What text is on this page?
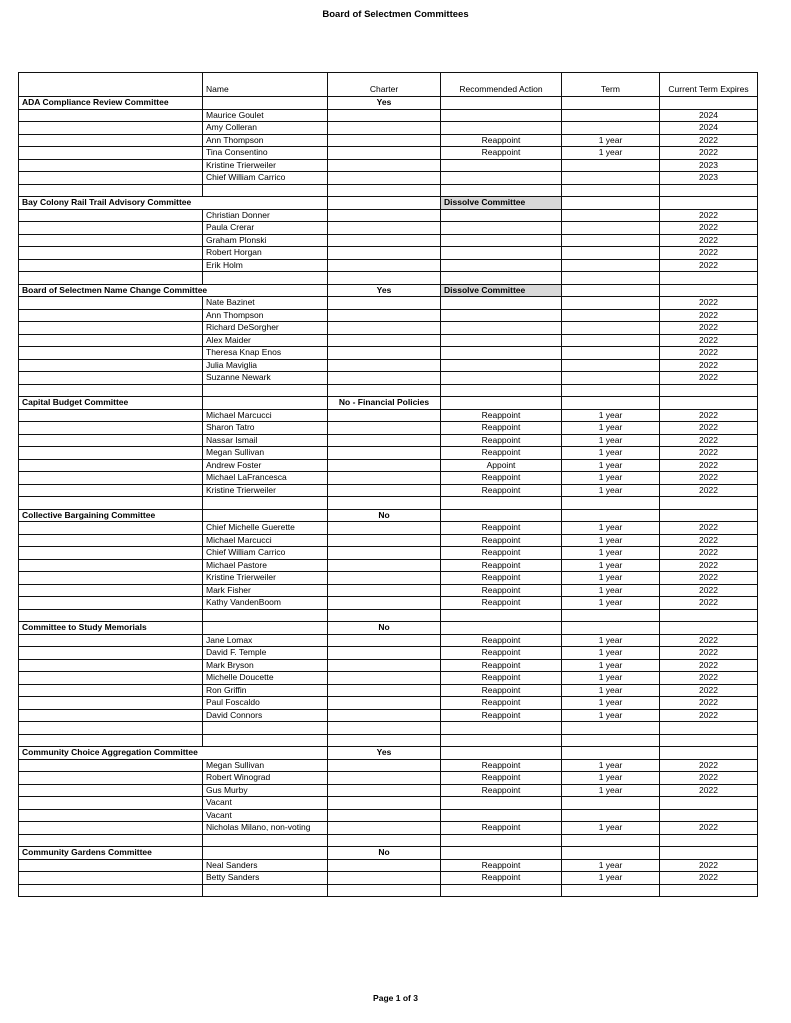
Board of Selectmen Committees
	Name	Charter	Recommended Action	Term	Current Term Expires
ADA Compliance Review Committee		Yes			
	Maurice Goulet				2024
	Amy Colleran				2024
	Ann Thompson		Reappoint	1 year	2022
	Tina Consentino		Reappoint	1 year	2022
	Kristine Trierweiler				2023
	Chief William Carrico				2023

Bay Colony Rail Trail Advisory Committee			Dissolve Committee		
	Christian Donner				2022
	Paula Crerar				2022
	Graham Plonski				2022
	Robert Horgan				2022
	Erik Holm				2022

Board of Selectmen Name Change Committee		Yes	Dissolve Committee		
	Nate Bazinet				2022
	Ann Thompson				2022
	Richard DeSorgher				2022
	Alex Maider				2022
	Theresa Knap Enos				2022
	Julia Maviglia				2022
	Suzanne Newark				2022

Capital Budget Committee		No - Financial Policies			
	Michael Marcucci		Reappoint	1 year	2022
	Sharon Tatro		Reappoint	1 year	2022
	Nassar Ismail		Reappoint	1 year	2022
	Megan Sullivan		Reappoint	1 year	2022
	Andrew Foster		Appoint	1 year	2022
	Michael LaFrancesca		Reappoint	1 year	2022
	Kristine Trierweiler		Reappoint	1 year	2022

Collective Bargaining Committee		No			
	Chief Michelle Guerette		Reappoint	1 year	2022
	Michael Marcucci		Reappoint	1 year	2022
	Chief William Carrico		Reappoint	1 year	2022
	Michael Pastore		Reappoint	1 year	2022
	Kristine Trierweiler		Reappoint	1 year	2022
	Mark Fisher		Reappoint	1 year	2022
	Kathy VandenBoom		Reappoint	1 year	2022

Committee to Study Memorials		No			
	Jane Lomax		Reappoint	1 year	2022
	David F. Temple		Reappoint	1 year	2022
	Mark Bryson		Reappoint	1 year	2022
	Michelle Doucette		Reappoint	1 year	2022
	Ron Griffin		Reappoint	1 year	2022
	Paul Foscaldo		Reappoint	1 year	2022
	David Connors		Reappoint	1 year	2022

Community Choice Aggregation Committee		Yes			
	Megan Sullivan		Reappoint	1 year	2022
	Robert Winograd		Reappoint	1 year	2022
	Gus Murby		Reappoint	1 year	2022
	Vacant				
	Vacant				
	Nicholas Milano, non-voting		Reappoint	1 year	2022

Community Gardens Committee		No			
	Neal Sanders		Reappoint	1 year	2022
	Betty Sanders		Reappoint	1 year	2022

Page 1 of 3
